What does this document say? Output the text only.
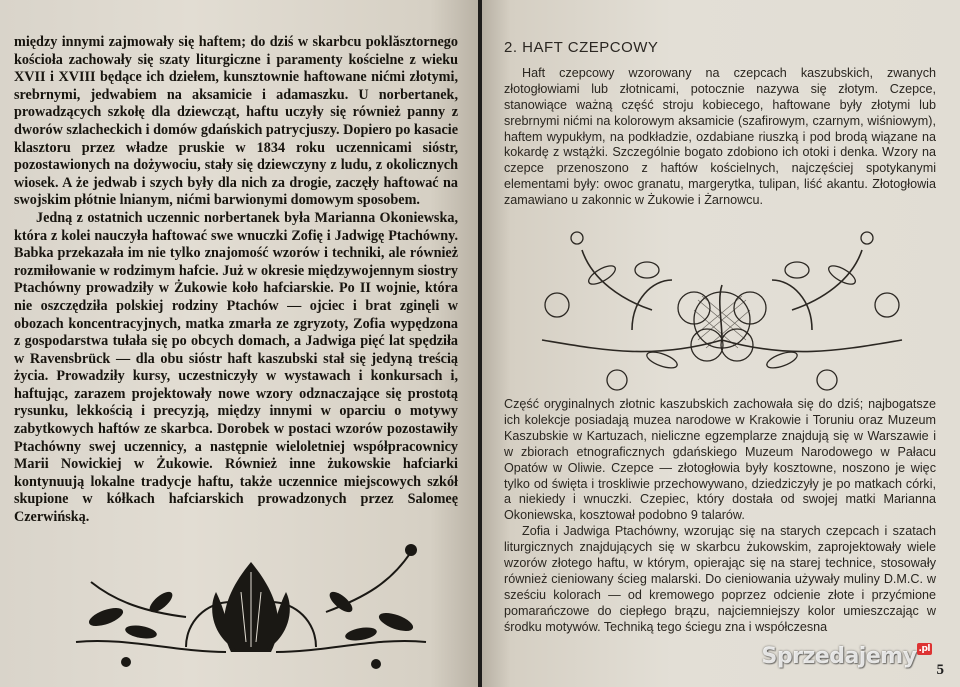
między innymi zajmowały się haftem; do dziś w skarbcu poklăsztornego kościoła zachowały się szaty liturgiczne i paramenty kościelne z wieku XVII i XVIII będące ich dziełem, kunsztownie haftowane nićmi złotymi, srebrnymi, jedwabiem na aksamicie i adamaszku. U norbertanek, prowadzących szkołę dla dziewcząt, haftu uczyły się również panny z dworów szlacheckich i domów gdańskich patrycjuszy. Dopiero po kasacie klasztoru przez władze pruskie w 1834 roku uczennicami sióstr, pozostawionych na dożywociu, stały się dziewczyny z ludu, z okolicznych wiosek. A że jedwab i szych były dla nich za drogie, zaczęły haftować na swojskim płótnie lnianym, nićmi barwionymi domowym sposobem.

Jedną z ostatnich uczennic norbertanek była Marianna Okoniewska, która z kolei nauczyła haftować swe wnuczki Zofię i Jadwigę Ptachówny. Babka przekazała im nie tylko znajomość wzorów i techniki, ale również rozmiłowanie w rodzimym hafcie. Już w okresie międzywojennym siostry Ptachówny prowadziły w Żukowie koło hafciarskie. Po II wojnie, która nie oszczędziła polskiej rodziny Ptachów — ojciec i brat zginęli w obozach koncentracyjnych, matka zmarła ze zgryzoty, Zofia wypędzona z gospodarstwa tułała się po obcych domach, a Jadwiga pięć lat spędziła w Ravensbrück — dla obu sióstr haft kaszubski stał się jedyną treścią życia. Prowadziły kursy, uczestniczyły w wystawach i konkursach i, haftując, zarazem projektowały nowe wzory odznaczające się prostotą rysunku, lekkością i precyzją, między innymi w oparciu o motywy zabytkowych haftów ze skarbca. Dorobek w postaci wzorów pozostawiły Ptachówny swej uczennicy, a następnie wieloletniej współpracownicy Marii Nowickiej w Żukowie. Również inne żukowskie hafciarki kontynuują lokalne tradycje haftu, także uczennice miejscowych szkół skupione w kółkach hafciarskich prowadzonych przez Salomeę Czerwińską.

2. HAFT CZEPCOWY

Haft czepcowy wzorowany na czepcach kaszubskich, zwanych złotogłowiami lub złotnicami, potocznie nazywa się złotym. Czepce, stanowiące ważną część stroju kobiecego, haftowane były złotymi lub srebrnymi nićmi na kolorowym aksamicie (szafirowym, czarnym, wiśniowym), haftem wypukłym, na podkładzie, ozdabiane riuszką i pod brodą wiązane na kokardę z wstążki. Szczególnie bogato zdobiono ich otoki i denka. Wzory na czepce przenoszono z haftów kościelnych, najczęściej spotykanymi elementami były: owoc granatu, margerytka, tulipan, liść akantu. Złotogłowia zamawiano u zakonnic w Żukowie i Żarnowcu.

Część oryginalnych złotnic kaszubskich zachowała się do dziś; najbogatsze ich kolekcje posiadają muzea narodowe w Krakowie i Toruniu oraz Muzeum Kaszubskie w Kartuzach, nieliczne egzemplarze znajdują się w Warszawie i w zbiorach etnograficznych gdańskiego Muzeum Narodowego w Pałacu Opatów w Oliwie. Czepce — złotogłowia były kosztowne, noszono je więc tylko od święta i troskliwie przechowywano, dziedziczyły je po matkach córki, a niekiedy i wnuczki. Czepiec, który dostała od swojej matki Marianna Okoniewska, kosztował podobno 9 talarów.

Zofia i Jadwiga Ptachówny, wzorując się na starych czepcach i szatach liturgicznych znajdujących się w skarbcu żukowskim, zaprojektowały wiele wzorów złotego haftu, w którym, opierając się na starej technice, stosowały również cieniowany ścieg malarski. Do cieniowania używały muliny D.M.C. w sześciu kolorach — od kremowego poprzez odcienie złote i przyćmione pomarańczowe do ciepłego brązu, najciemniejszy kolor umieszczając w środku motywów. Techniką tego ściegu zna i współczesna

5
Sprzedajemy $^{.pl}$
